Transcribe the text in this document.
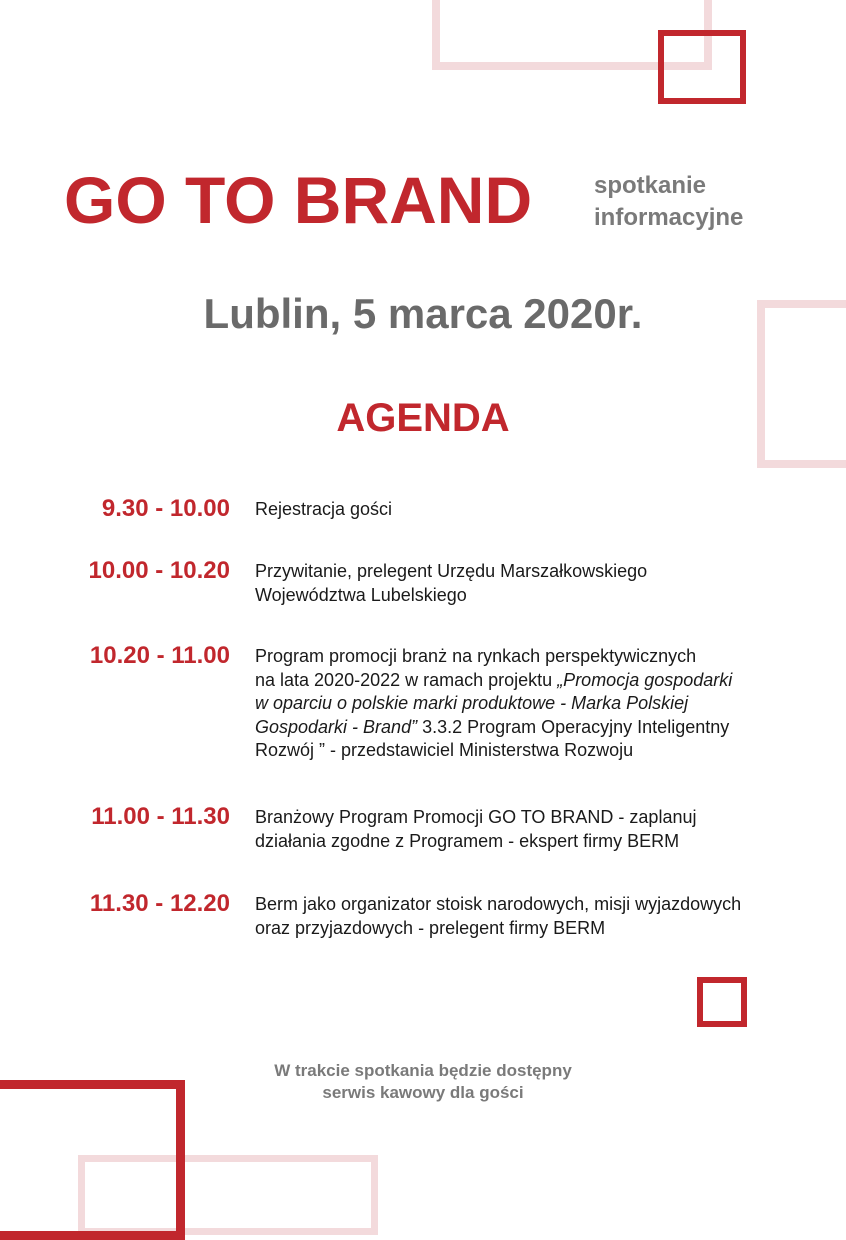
GO TO BRAND	spotkanie
informacyjne
Lublin, 5 marca 2020r.
AGENDA
9.30 - 10.00 Rejestracja gości
10.00 - 10.20 Przywitanie, prelegent Urzędu Marszałkowskiego
Województwa Lubelskiego
10.20 - 11.00 Program promocji branż na rynkach perspektywicznych
na lata 2020-2022 w ramach projektu „Promocja gospodarki
w oparciu o polskie marki produktowe - Marka Polskiej
Gospodarki - Brand” 3.3.2 Program Operacyjny Inteligentny
Rozwój ” - przedstawiciel Ministerstwa Rozwoju
11.00 - 11.30 Branżowy Program Promocji GO TO BRAND - zaplanuj
działania zgodne z Programem - ekspert firmy BERM
11.30 - 12.20 Berm jako organizator stoisk narodowych, misji wyjazdowych
oraz przyjazdowych - prelegent firmy BERM
W trakcie spotkania będzie dostępny
serwis kawowy dla gości
